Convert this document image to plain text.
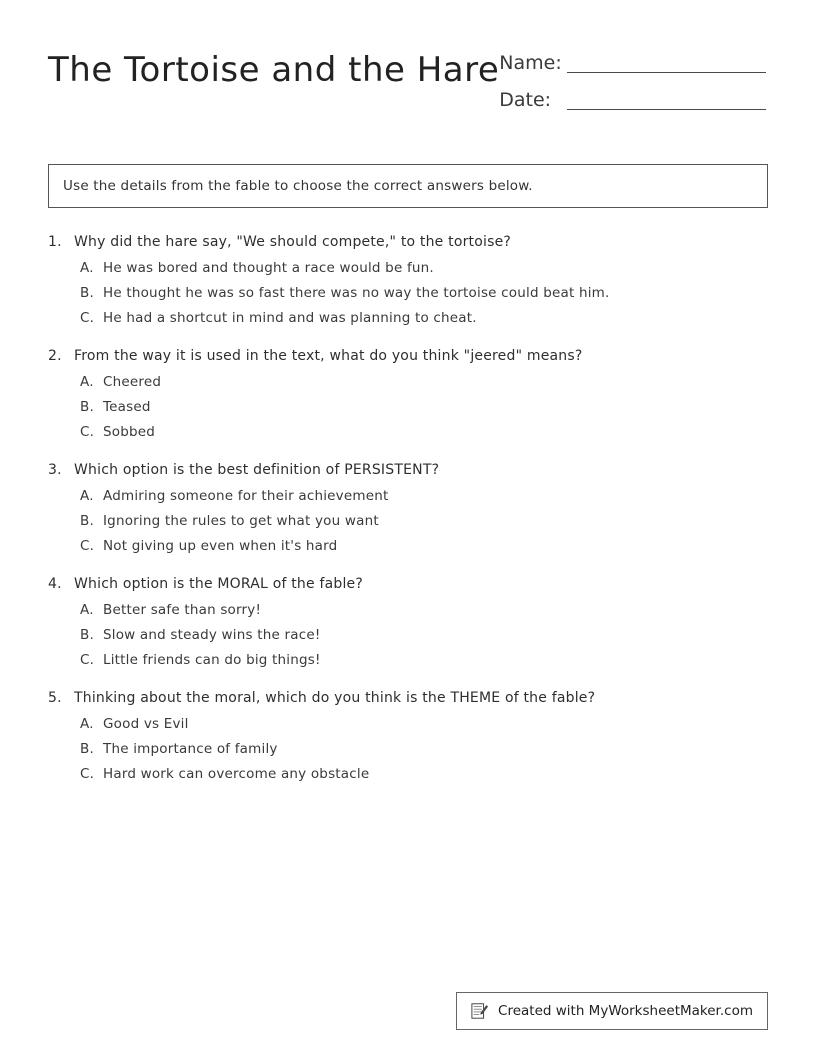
The Tortoise and the Hare Name:
Date:
Use the details from the fable to choose the correct answers below.
1. Why did the hare say, "We should compete," to the tortoise?
A. He was bored and thought a race would be fun.
B. He thought he was so fast there was no way the tortoise could beat him.
C. He had a shortcut in mind and was planning to cheat.
2. From the way it is used in the text, what do you think "jeered" means?
A. Cheered
B. Teased
C. Sobbed
3. Which option is the best definition of PERSISTENT?
A. Admiring someone for their achievement
B. Ignoring the rules to get what you want
C. Not giving up even when it's hard
4. Which option is the MORAL of the fable?
A. Better safe than sorry!
B. Slow and steady wins the race!
C. Little friends can do big things!
5. Thinking about the moral, which do you think is the THEME of the fable?
A. Good vs Evil
B. The importance of family
C. Hard work can overcome any obstacle
Created with MyWorksheetMaker.com
